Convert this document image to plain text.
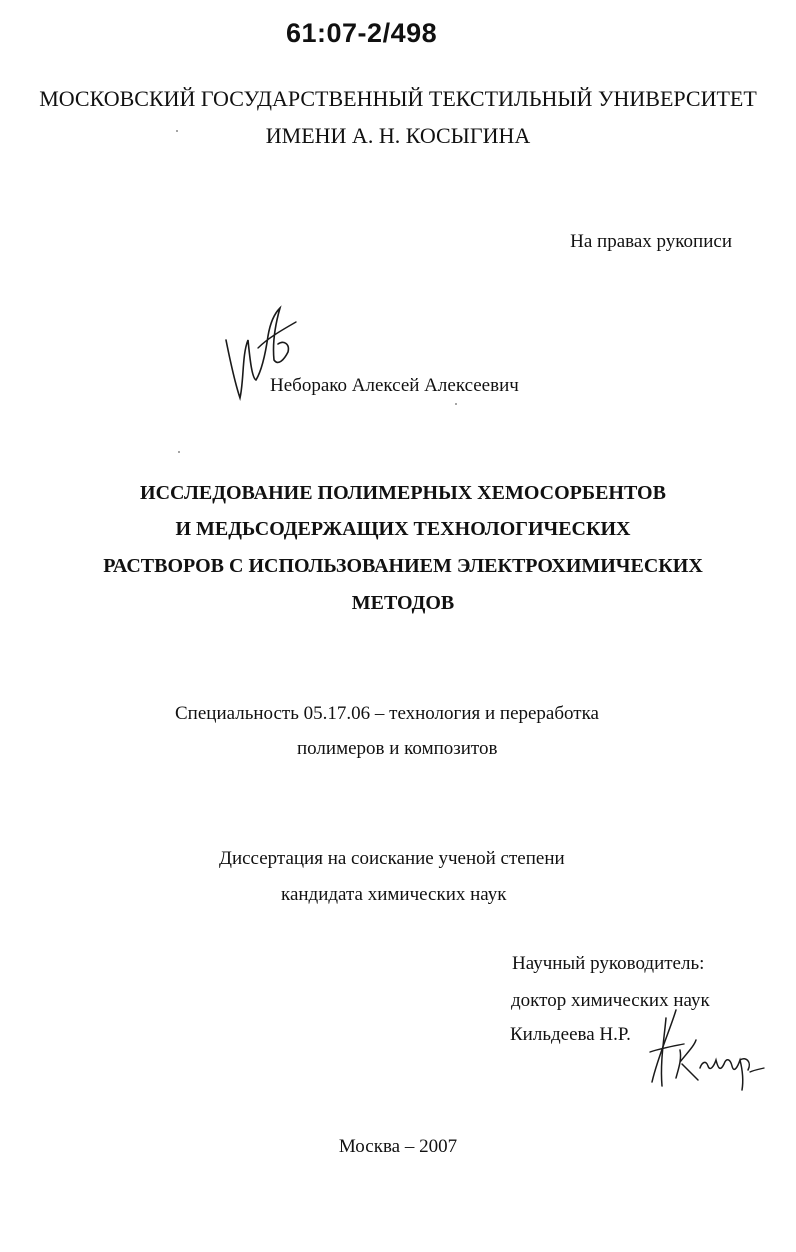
61:07-2/498
МОСКОВСКИЙ ГОСУДАРСТВЕННЫЙ ТЕКСТИЛЬНЫЙ УНИВЕРСИТЕТ
ИМЕНИ А. Н. КОСЫГИНА
На правах рукописи
Неборако Алексей Алексеевич
ИССЛЕДОВАНИЕ ПОЛИМЕРНЫХ ХЕМОСОРБЕНТОВ
И МЕДЬСОДЕРЖАЩИХ ТЕХНОЛОГИЧЕСКИХ
РАСТВОРОВ С ИСПОЛЬЗОВАНИЕМ ЭЛЕКТРОХИМИЧЕСКИХ
МЕТОДОВ
Специальность 05.17.06 – технология и переработка
полимеров и композитов
Диссертация на соискание ученой степени
кандидата химических наук
Научный руководитель:
доктор химических наук
Кильдеева Н.Р.
Москва – 2007
